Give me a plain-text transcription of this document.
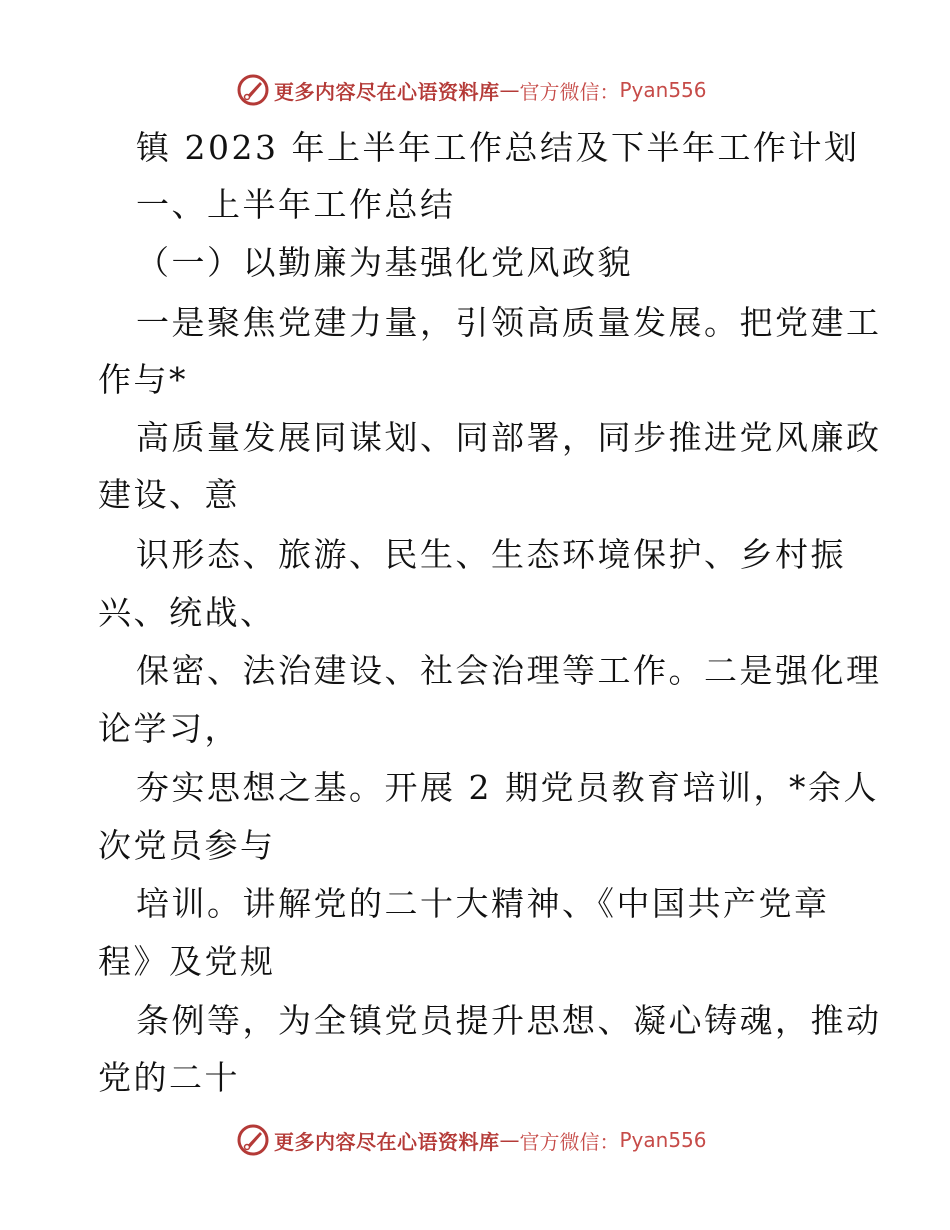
更多内容尽在心语资料库 — 官方微信： Pyan556
镇 2023 年上半年工作总结及下半年工作计划
一、上半年工作总结
（一）以勤廉为基强化党风政貌
一是聚焦党建力量，引领高质量发展。把党建工
作与*
高质量发展同谋划、同部署，同步推进党风廉政
建设、意
识形态、旅游、民生、生态环境保护、乡村振
兴、统战、
保密、法治建设、社会治理等工作。二是强化理
论学习，
夯实思想之基。开展 2 期党员教育培训，*余人
次党员参与
培训。讲解党的二十大精神、《中国共产党章
程》及党规
条例等，为全镇党员提升思想、凝心铸魂，推动
党的二十
更多内容尽在心语资料库 — 官方微信： Pyan556
